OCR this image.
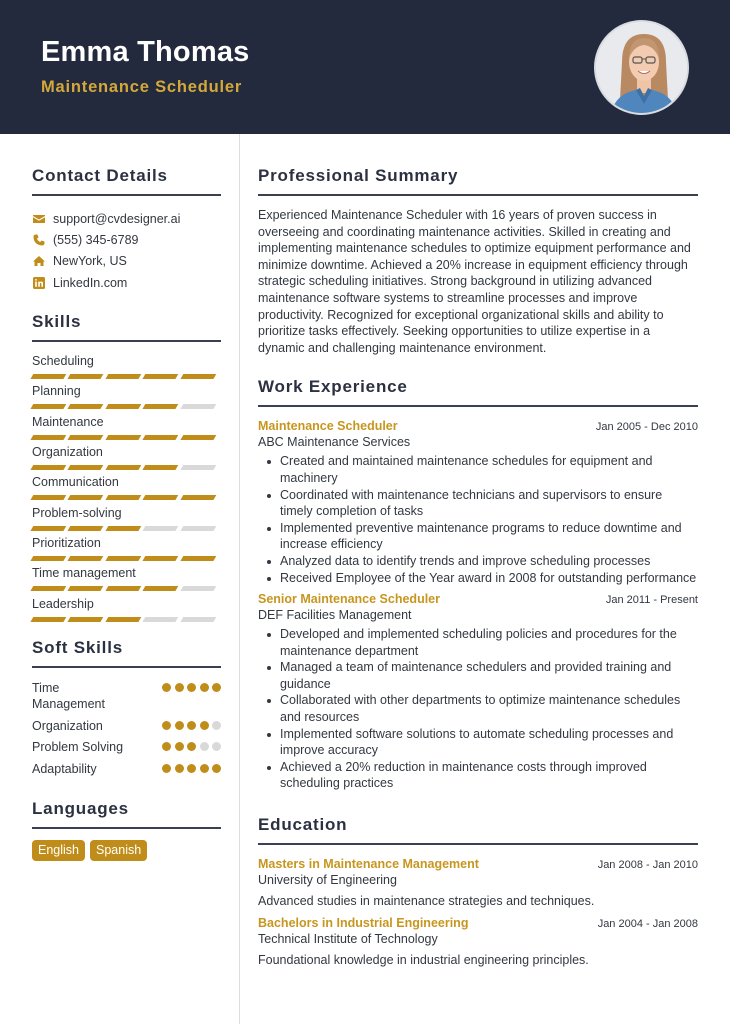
Emma Thomas
Maintenance Scheduler
Contact Details
support@cvdesigner.ai
(555) 345-6789
NewYork, US
LinkedIn.com
Skills
Scheduling
Planning
Maintenance
Organization
Communication
Problem-solving
Prioritization
Time management
Leadership
Soft Skills
Time Management
Organization
Problem Solving
Adaptability
Languages
English	Spanish
Professional Summary

Experienced Maintenance Scheduler with 16 years of proven success in overseeing and coordinating maintenance activities. Skilled in creating and implementing maintenance schedules to optimize equipment performance and minimize downtime. Achieved a 20% increase in equipment efficiency through strategic scheduling initiatives. Strong background in utilizing advanced maintenance software systems to streamline processes and improve productivity. Recognized for exceptional organizational skills and ability to prioritize tasks effectively. Seeking opportunities to utilize expertise in a dynamic and challenging maintenance environment.

Work Experience
Maintenance Scheduler	Jan 2005 - Dec 2010
ABC Maintenance Services
Created and maintained maintenance schedules for equipment and machinery
Coordinated with maintenance technicians and supervisors to ensure timely completion of tasks
Implemented preventive maintenance programs to reduce downtime and increase efficiency
Analyzed data to identify trends and improve scheduling processes
Received Employee of the Year award in 2008 for outstanding performance
Senior Maintenance Scheduler	Jan 2011 - Present
DEF Facilities Management
Developed and implemented scheduling policies and procedures for the maintenance department
Managed a team of maintenance schedulers and provided training and guidance
Collaborated with other departments to optimize maintenance schedules and resources
Implemented software solutions to automate scheduling processes and improve accuracy
Achieved a 20% reduction in maintenance costs through improved scheduling practices
Education
Masters in Maintenance Management	Jan 2008 - Jan 2010
University of Engineering
Advanced studies in maintenance strategies and techniques.
Bachelors in Industrial Engineering	Jan 2004 - Jan 2008
Technical Institute of Technology
Foundational knowledge in industrial engineering principles.
